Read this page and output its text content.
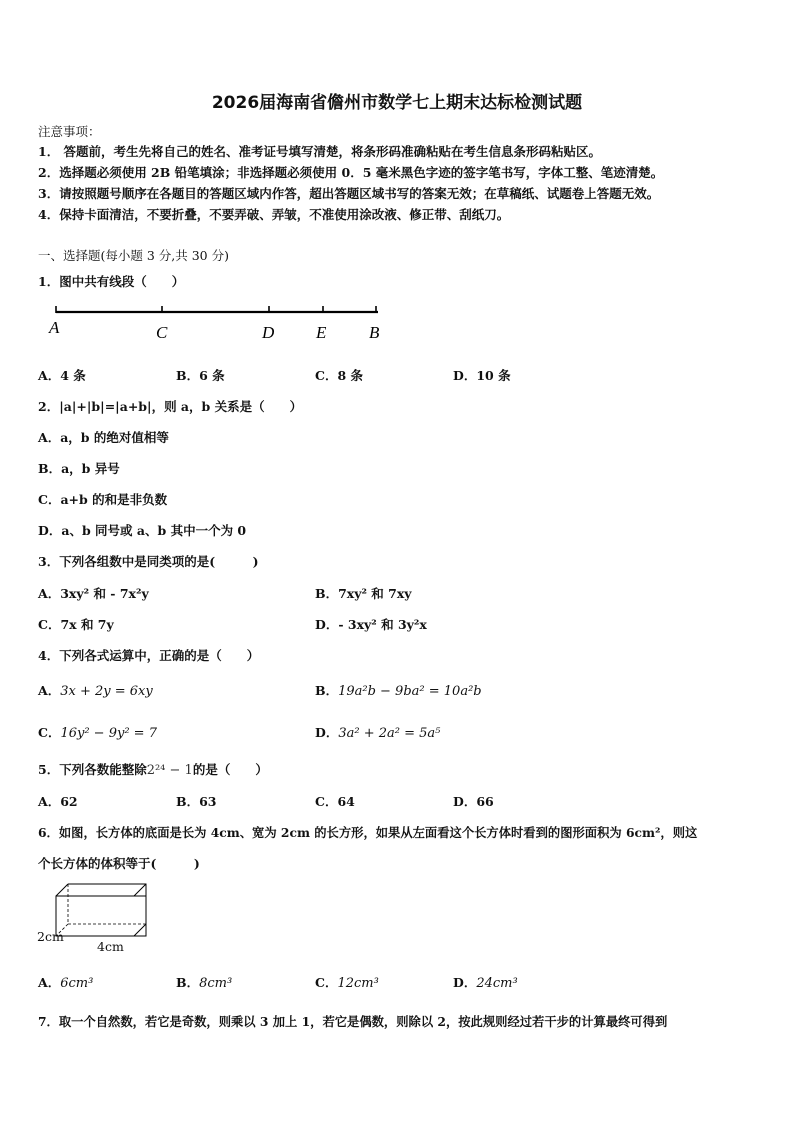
2026届海南省儋州市数学七上期末达标检测试题
注意事项：
1． 答题前，考生先将自己的姓名、准考证号填写清楚，将条形码准确粘贴在考生信息条形码粘贴区。
2．选择题必须使用 2B 铅笔填涂；非选择题必须使用 0．5 毫米黑色字迹的签字笔书写，字体工整、笔迹清楚。
3．请按照题号顺序在各题目的答题区域内作答，超出答题区域书写的答案无效；在草稿纸、试题卷上答题无效。
4．保持卡面清洁，不要折叠，不要弄破、弄皱，不准使用涂改液、修正带、刮纸刀。
一、选择题(每小题 3 分,共 30 分)
1．图中共有线段（　　）
A	C	D E	B
A．4 条	B．6 条	C．8 条	D．10 条
2．|a|+|b|=|a+b|，则 a，b 关系是（　　）
A．a，b 的绝对值相等
B．a，b 异号
C．a+b 的和是非负数
D．a、b 同号或 a、b 其中一个为 0
3．下列各组数中是同类项的是(　　　)
A．3xy² 和 - 7x²y	B．7xy² 和 7xy
C．7x 和 7y	D．- 3xy² 和 3y²x
4．下列各式运算中，正确的是（　　）
A．3x + 2y = 6xy	B．19a²b − 9ba² = 10a²b
C．16y² − 9y² = 7	D．3a² + 2a² = 5a⁵
5．下列各数能整除2²⁴ − 1的是（　　）
A．62	B．63	C．64	D．66
6．如图，长方体的底面是长为 4cm、宽为 2cm 的长方形，如果从左面看这个长方体时看到的图形面积为 6cm²，则这
个长方体的体积等于(　　　)
2cm
4cm
A．6cm³	B．8cm³	C．12cm³	D．24cm³
7．取一个自然数，若它是奇数，则乘以 3 加上 1，若它是偶数，则除以 2，按此规则经过若干步的计算最终可得到
